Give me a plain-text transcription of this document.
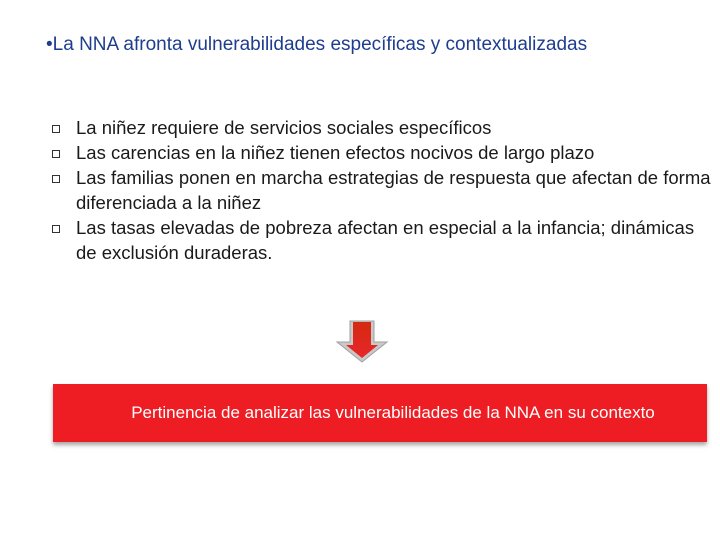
•La NNA afronta vulnerabilidades específicas y contextualizadas
La niñez requiere de servicios sociales específicos
Las carencias en la niñez tienen efectos nocivos de largo plazo
Las familias ponen en marcha estrategias de respuesta que afectan de forma diferenciada a la niñez
Las tasas elevadas de pobreza afectan en especial a la infancia; dinámicas de exclusión duraderas.
Pertinencia de analizar las vulnerabilidades de la NNA en su contexto
